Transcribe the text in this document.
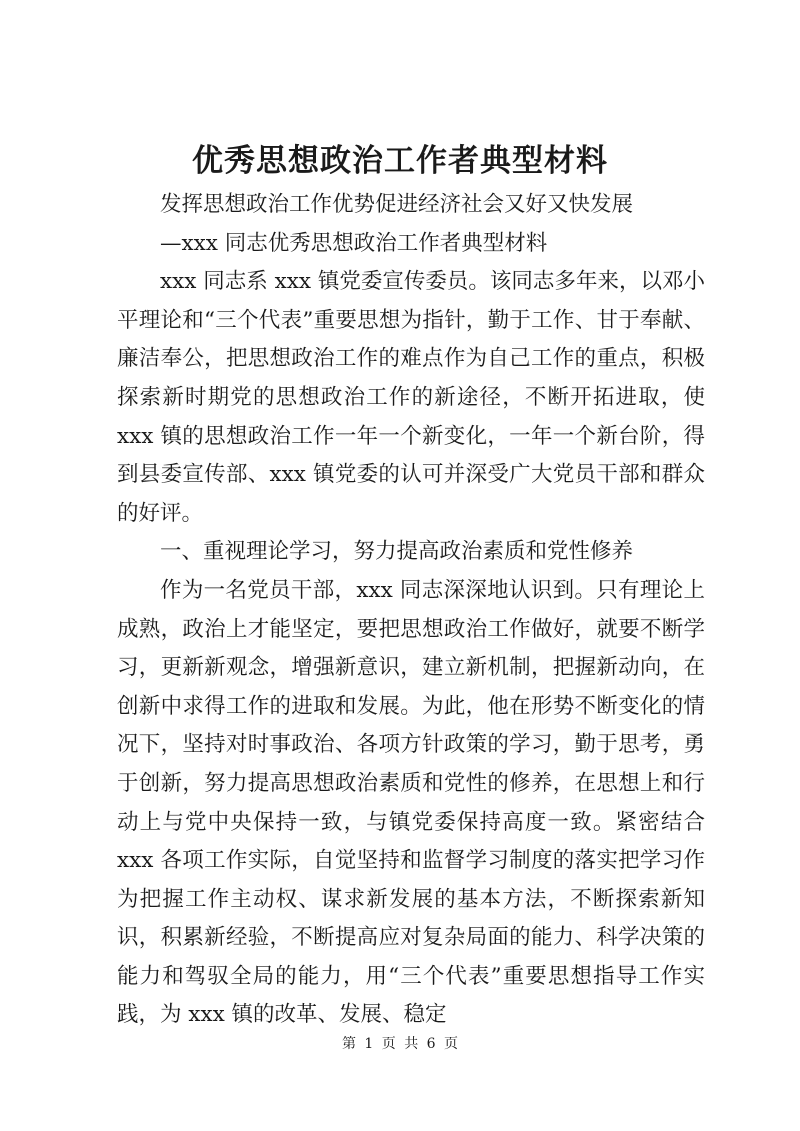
优秀思想政治工作者典型材料

发挥思想政治工作优势促进经济社会又好又快发展

—xxx 同志优秀思想政治工作者典型材料

xxx 同志系 xxx 镇党委宣传委员。该同志多年来，以邓小平理论和“三个代表”重要思想为指针，勤于工作、甘于奉献、廉洁奉公，把思想政治工作的难点作为自己工作的重点，积极探索新时期党的思想政治工作的新途径，不断开拓进取，使 xxx 镇的思想政治工作一年一个新变化，一年一个新台阶，得到县委宣传部、xxx 镇党委的认可并深受广大党员干部和群众的好评。

一、重视理论学习，努力提高政治素质和党性修养

作为一名党员干部，xxx 同志深深地认识到。只有理论上成熟，政治上才能坚定，要把思想政治工作做好，就要不断学习，更新新观念，增强新意识，建立新机制，把握新动向，在创新中求得工作的进取和发展。为此，他在形势不断变化的情况下，坚持对时事政治、各项方针政策的学习，勤于思考，勇于创新，努力提高思想政治素质和党性的修养，在思想上和行动上与党中央保持一致，与镇党委保持高度一致。紧密结合 xxx 各项工作实际，自觉坚持和监督学习制度的落实把学习作为把握工作主动权、谋求新发展的基本方法，不断探索新知识，积累新经验，不断提高应对复杂局面的能力、科学决策的能力和驾驭全局的能力，用“三个代表”重要思想指导工作实践，为 xxx 镇的改革、发展、稳定

第 1 页 共 6 页
